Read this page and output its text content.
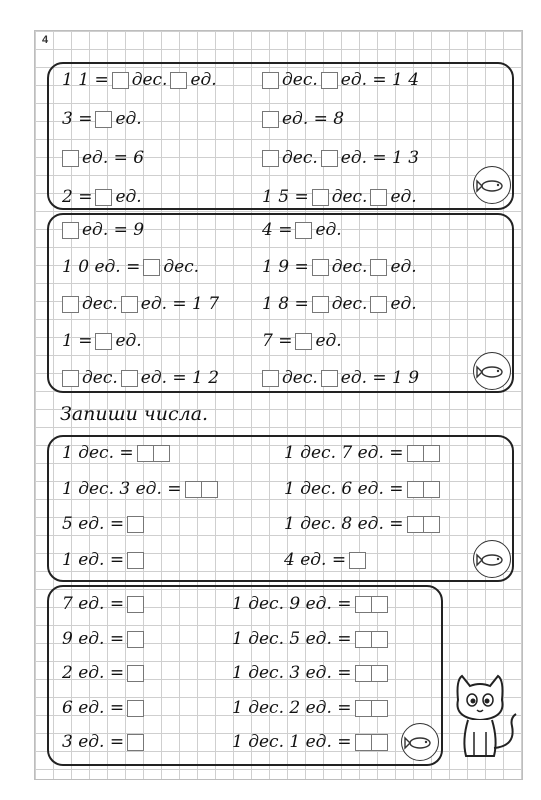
4
Запиши числа.
1 1 = дес. ед.
3 = ед.
ед. = 6
2 = ед.
дес. ед. = 1 4
ед. = 8
дес. ед. = 1 3
1 5 = дес. ед.
ед. = 9
1 0 ед. = дес.
дес. ед. = 1 7
1 = ед.
дес. ед. = 1 2
4 = ед.
1 9 = дес. ед.
1 8 = дес. ед.
7 = ед.
дес. ед. = 1 9
1 дес. =
1 дес. 3 ед. =
5 ед. =
1 ед. =
1 дес. 7 ед. =
1 дес. 6 ед. =
1 дес. 8 ед. =
4 ед. =
7 ед. =
9 ед. =
2 ед. =
6 ед. =
3 ед. =
1 дес. 9 ед. =
1 дес. 5 ед. =
1 дес. 3 ед. =
1 дес. 2 ед. =
1 дес. 1 ед. =
